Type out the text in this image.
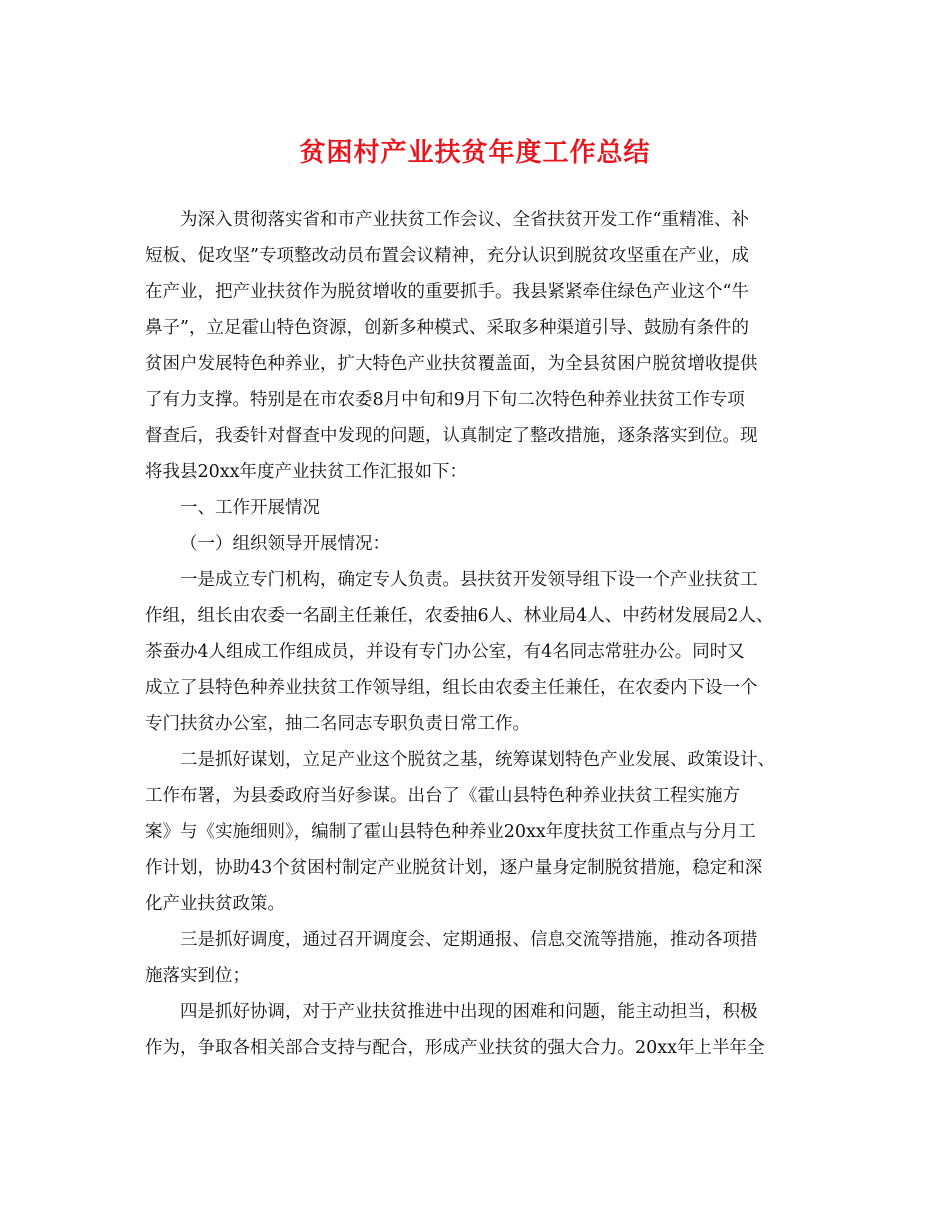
贫困村产业扶贫年度工作总结
为深入贯彻落实省和市产业扶贫工作会议、全省扶贫开发工作“重精准、补
短板、促攻坚”专项整改动员布置会议精神，充分认识到脱贫攻坚重在产业，成
在产业，把产业扶贫作为脱贫增收的重要抓手。我县紧紧牵住绿色产业这个“牛
鼻子”，立足霍山特色资源，创新多种模式、采取多种渠道引导、鼓励有条件的
贫困户发展特色种养业，扩大特色产业扶贫覆盖面，为全县贫困户脱贫增收提供
了有力支撑。特别是在市农委8月中旬和9月下旬二次特色种养业扶贫工作专项
督查后，我委针对督查中发现的问题，认真制定了整改措施，逐条落实到位。现
将我县20xx年度产业扶贫工作汇报如下：
一、工作开展情况
（一）组织领导开展情况：
一是成立专门机构，确定专人负责。县扶贫开发领导组下设一个产业扶贫工
作组，组长由农委一名副主任兼任，农委抽6人、林业局4人、中药材发展局2人、
茶蚕办4人组成工作组成员，并设有专门办公室，有4名同志常驻办公。同时又
成立了县特色种养业扶贫工作领导组，组长由农委主任兼任，在农委内下设一个
专门扶贫办公室，抽二名同志专职负责日常工作。
二是抓好谋划，立足产业这个脱贫之基，统筹谋划特色产业发展、政策设计、
工作布署，为县委政府当好参谋。出台了《霍山县特色种养业扶贫工程实施方
案》与《实施细则》，编制了霍山县特色种养业20xx年度扶贫工作重点与分月工
作计划，协助43个贫困村制定产业脱贫计划，逐户量身定制脱贫措施，稳定和深
化产业扶贫政策。
三是抓好调度，通过召开调度会、定期通报、信息交流等措施，推动各项措
施落实到位；
四是抓好协调，对于产业扶贫推进中出现的困难和问题，能主动担当，积极
作为，争取各相关部合支持与配合，形成产业扶贫的强大合力。20xx年上半年全
